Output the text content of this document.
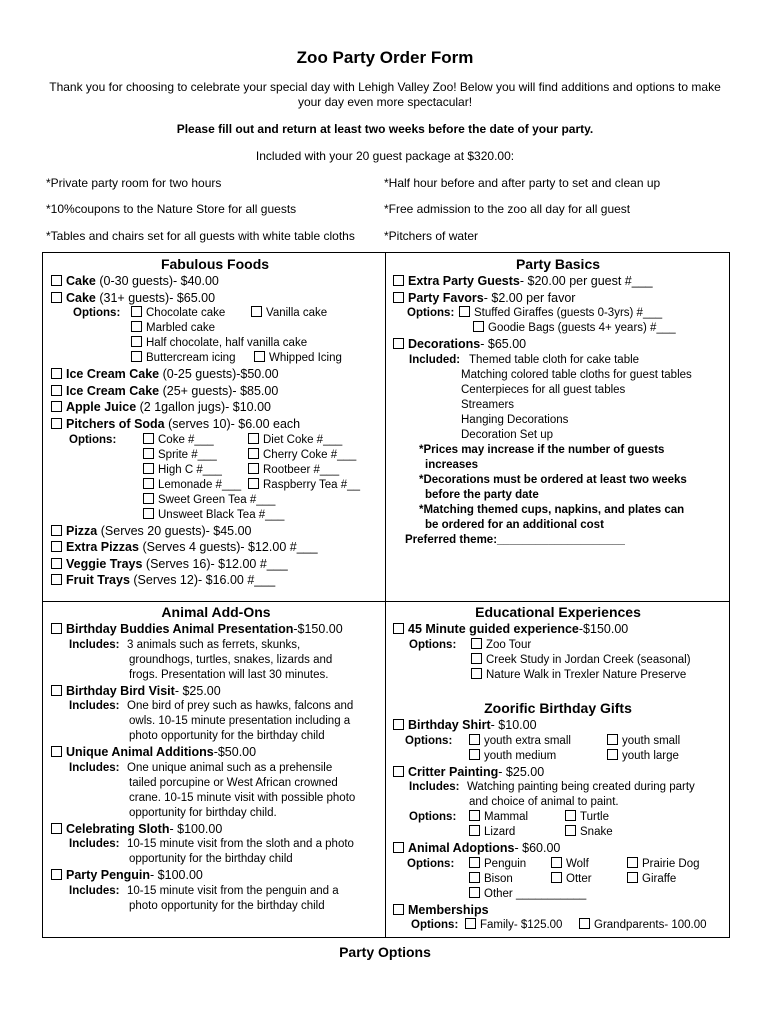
Zoo Party Order Form
Thank you for choosing to celebrate your special day with Lehigh Valley Zoo! Below you will find additions and options to make your day even more spectacular!
Please fill out and return at least two weeks before the date of your party.
Included with your 20 guest package at $320.00:
*Private party room for two hours	*Half hour before and after party to set and clean up
*10%coupons to the Nature Store for all guests	*Free admission to the zoo all day for all guest
*Tables and chairs set for all guests with white table cloths *Pitchers of water
Fabulous Foods
Cake (0-30 guests)- $40.00
Cake (31+ guests)- $65.00
Options:	Chocolate cake	Vanilla cake
Marbled cake
Half chocolate, half vanilla cake
Buttercream icing	Whipped Icing
Ice Cream Cake (0-25 guests)-$50.00
Ice Cream Cake (25+ guests)- $85.00
Apple Juice (2 1gallon jugs)- $10.00
Pitchers of Soda (serves 10)- $6.00 each
Options:	Coke #___	Diet Coke #___
Sprite #___	Cherry Coke #___
High C #___	Rootbeer #___
Lemonade #___	Raspberry Tea #__
Sweet Green Tea #___
Unsweet Black Tea #___
Pizza (Serves 20 guests)- $45.00
Extra Pizzas (Serves 4 guests)- $12.00 #___
Veggie Trays (Serves 16)- $12.00 #___
Fruit Trays (Serves 12)- $16.00 #___
Party Basics
Extra Party Guests- $20.00 per guest #___
Party Favors- $2.00 per favor
Options:	Stuffed Giraffes (guests 0-3yrs) #___
Goodie Bags (guests 4+ years) #___
Decorations- $65.00
Included: Themed table cloth for cake table
Matching colored table cloths for guest tables
Centerpieces for all guest tables
Streamers
Hanging Decorations
Decoration Set up
*Prices may increase if the number of guests
increases
*Decorations must be ordered at least two weeks
before the party date
*Matching themed cups, napkins, and plates can
be ordered for an additional cost
Preferred theme:____________________
Animal Add-Ons
Birthday Buddies Animal Presentation-$150.00
Includes: 3 animals such as ferrets, skunks,
groundhogs, turtles, snakes, lizards and
frogs. Presentation will last 30 minutes.
Birthday Bird Visit- $25.00
Includes: One bird of prey such as hawks, falcons and
owls. 10-15 minute presentation including a
photo opportunity for the birthday child
Unique Animal Additions-$50.00
Includes: One unique animal such as a prehensile
tailed porcupine or West African crowned
crane. 10-15 minute visit with possible photo
opportunity for birthday child.
Celebrating Sloth- $100.00
Includes: 10-15 minute visit from the sloth and a photo
opportunity for the birthday child
Party Penguin- $100.00
Includes: 10-15 minute visit from the penguin and a
photo opportunity for the birthday child
Educational Experiences
45 Minute guided experience-$150.00
Options:	Zoo Tour
Creek Study in Jordan Creek (seasonal)
Nature Walk in Trexler Nature Preserve
Zoorific Birthday Gifts
Birthday Shirt- $10.00
Options:	youth extra small	youth small
youth medium	youth large
Critter Painting- $25.00
Includes: Watching painting being created during party
and choice of animal to paint.
Options:	Mammal	Turtle
Lizard	Snake
Animal Adoptions- $60.00
Options:	Penguin	Wolf	Prairie Dog
Bison	Otter	Giraffe
Other ___________
Memberships
Options:	Family- $125.00	Grandparents- 100.00
Party Options
